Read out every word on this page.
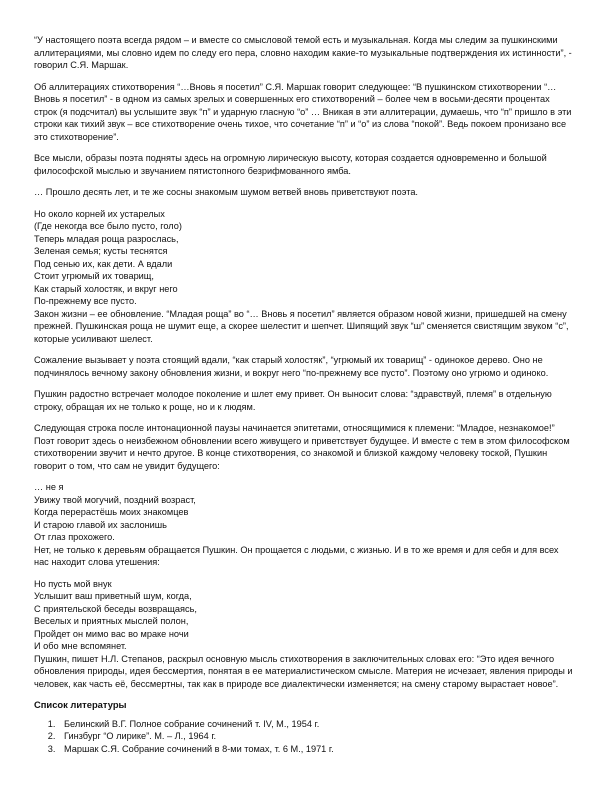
“У настоящего поэта всегда рядом – и вместе со смысловой темой есть и музыкальная. Когда мы следим за пушкинскими аллитерациями, мы словно идем по следу его пера, словно находим какие-то музыкальные подтверждения их истинности”, - говорил С.Я. Маршак.

Об аллитерациях стихотворения “…Вновь я посетил” С.Я. Маршак говорит следующее: “В пушкинском стихотворении “…Вновь я посетил” - в одном из самых зрелых и совершенных его стихотворений – более чем в восьми-десяти процентах строк (я подсчитал) вы услышите звук “п” и ударную гласную “о” … Вникая в эти аллитерации, думаешь, что “п” пришло в эти строки как тихий звук – все стихотворение очень тихое, что сочетание “п” и “о” из слова “покой”. Ведь покоем пронизано все это стихотворение”.

Все мысли, образы поэта подняты здесь на огромную лирическую высоту, которая создается одновременно и большой философской мыслью и звучанием пятистопного безрифмованного ямба.

… Прошло десять лет, и те же сосны знакомым шумом ветвей вновь приветствуют поэта.

Но около корней их устарелых
(Где некогда все было пусто, голо)
Теперь младая роща разрослась,
Зеленая семья; кусты теснятся
Под сенью их, как дети. А вдали
Стоит угрюмый их товарищ,
Как старый холостяк, и вкруг него
По-прежнему все пусто.

Закон жизни – ее обновление. “Младая роща” во “… Вновь я посетил” является образом новой жизни, пришедшей на смену прежней. Пушкинская роща не шумит еще, а скорее шелестит и шепчет. Шипящий звук “ш” сменяется свистящим звуком “с”, которые усиливают шелест.

Сожаление вызывает у поэта стоящий вдали, “как старый холостяк”, “угрюмый их товарищ” - одинокое дерево. Оно не подчинялось вечному закону обновления жизни, и вокруг него “по-прежнему все пусто”. Поэтому оно угрюмо и одиноко.

Пушкин радостно встречает молодое поколение и шлет ему привет. Он выносит слова: “здравствуй, племя” в отдельную строку, обращая их не только к роще, но и к людям.

Следующая строка после интонационной паузы начинается эпитетами, относящимися к племени: “Младое, незнакомое!” Поэт говорит здесь о неизбежном обновлении всего живущего и приветствует будущее. И вместе с тем в этом философском стихотворении звучит и нечто другое. В конце стихотворения, со знакомой и близкой каждому человеку тоской, Пушкин говорит о том, что сам не увидит будущего:

… не я
Увижу твой могучий, поздний возраст,
Когда перерастёшь моих знакомцев
И старою главой их заслонишь
От глаз прохожего.

Нет, не только к деревьям обращается Пушкин. Он прощается с людьми, с жизнью. И в то же время и для себя и для всех нас находит слова утешения:

Но пусть мой внук
Услышит ваш приветный шум, когда,
С приятельской беседы возвращаясь,
Веселых и приятных мыслей полон,
Пройдет он мимо вас во мраке ночи
И обо мне вспомянет.

Пушкин, пишет Н.Л. Степанов, раскрыл основную мысль стихотворения в заключительных словах его: “Это идея вечного обновления природы, идея бессмертия, понятая в ее материалистическом смысле. Материя не исчезает, явления природы и человек, как часть её, бессмертны, так как в природе все диалектически изменяется; на смену старому вырастает новое”.

Список литературы
1. Белинский В.Г. Полное собрание сочинений т. IV, М., 1954 г.
2. Гинзбург “О лирике”. М. – Л., 1964 г.
3. Маршак С.Я. Собрание сочинений в 8-ми томах, т. 6 М., 1971 г.
